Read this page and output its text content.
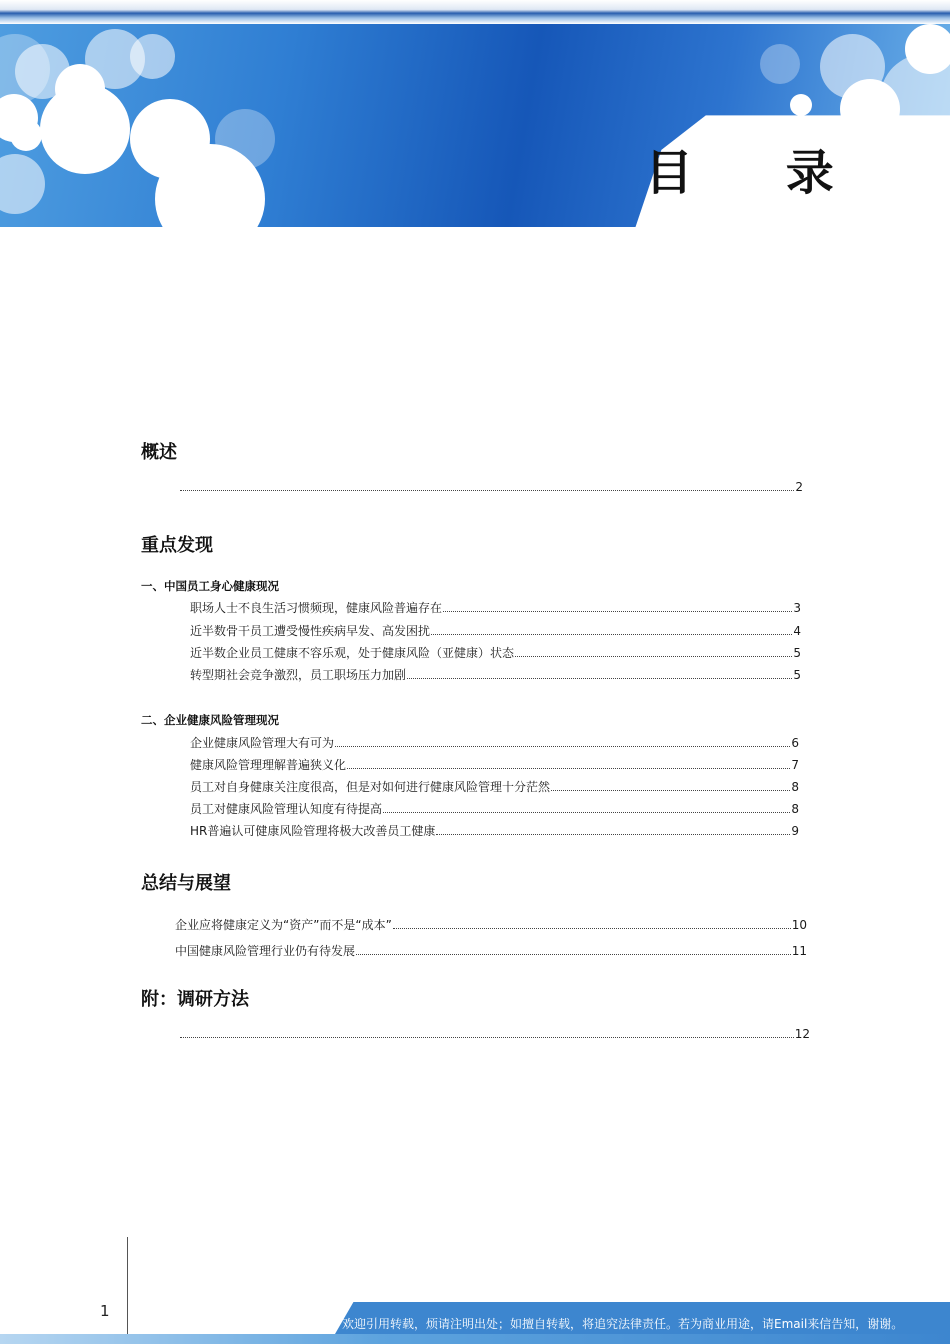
目 录
概述
2
重点发现
一、中国员工身心健康现况
职场人士不良生活习惯频现，健康风险普遍存在	3
近半数骨干员工遭受慢性疾病早发、高发困扰	4
近半数企业员工健康不容乐观，处于健康风险（亚健康）状态	5
转型期社会竞争激烈，员工职场压力加剧	5
二、企业健康风险管理现况
企业健康风险管理大有可为	6
健康风险管理理解普遍狭义化	7
员工对自身健康关注度很高，但是对如何进行健康风险管理十分茫然	8
员工对健康风险管理认知度有待提高	8
HR普遍认可健康风险管理将极大改善员工健康	9
总结与展望
企业应将健康定义为“资产”而不是“成本”	10
中国健康风险管理行业仍有待发展	11
附：调研方法
12
1
欢迎引用转载，烦请注明出处；如擅自转载，将追究法律责任。若为商业用途，请Email来信告知，谢谢。
